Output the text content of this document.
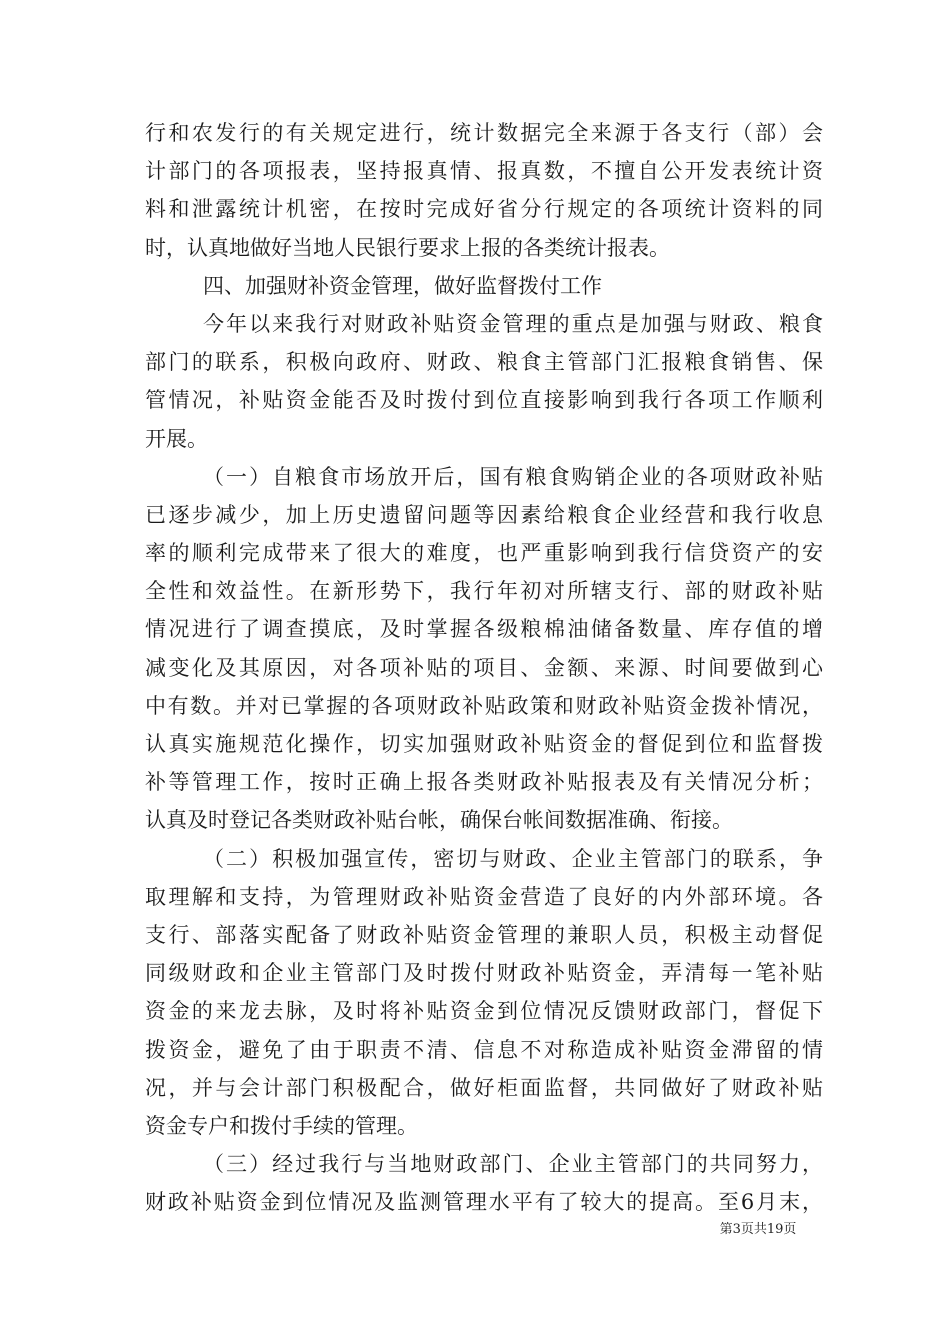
行和农发行的有关规定进行，统计数据完全来源于各支行（部）会
计部门的各项报表，坚持报真情、报真数，不擅自公开发表统计资
料和泄露统计机密，在按时完成好省分行规定的各项统计资料的同
时，认真地做好当地人民银行要求上报的各类统计报表。
四、加强财补资金管理，做好监督拨付工作
今年以来我行对财政补贴资金管理的重点是加强与财政、粮食
部门的联系，积极向政府、财政、粮食主管部门汇报粮食销售、保
管情况，补贴资金能否及时拨付到位直接影响到我行各项工作顺利
开展。
（一）自粮食市场放开后，国有粮食购销企业的各项财政补贴
已逐步减少，加上历史遗留问题等因素给粮食企业经营和我行收息
率的顺利完成带来了很大的难度，也严重影响到我行信贷资产的安
全性和效益性。在新形势下，我行年初对所辖支行、部的财政补贴
情况进行了调查摸底，及时掌握各级粮棉油储备数量、库存值的增
减变化及其原因，对各项补贴的项目、金额、来源、时间要做到心
中有数。并对已掌握的各项财政补贴政策和财政补贴资金拨补情况，
认真实施规范化操作，切实加强财政补贴资金的督促到位和监督拨
补等管理工作，按时正确上报各类财政补贴报表及有关情况分析；
认真及时登记各类财政补贴台帐，确保台帐间数据准确、衔接。
（二）积极加强宣传，密切与财政、企业主管部门的联系，争
取理解和支持，为管理财政补贴资金营造了良好的内外部环境。各
支行、部落实配备了财政补贴资金管理的兼职人员，积极主动督促
同级财政和企业主管部门及时拨付财政补贴资金，弄清每一笔补贴
资金的来龙去脉，及时将补贴资金到位情况反馈财政部门，督促下
拨资金，避免了由于职责不清、信息不对称造成补贴资金滞留的情
况，并与会计部门积极配合，做好柜面监督，共同做好了财政补贴
资金专户和拨付手续的管理。
（三）经过我行与当地财政部门、企业主管部门的共同努力，
财政补贴资金到位情况及监测管理水平有了较大的提高。至6月末，
第3页共19页
